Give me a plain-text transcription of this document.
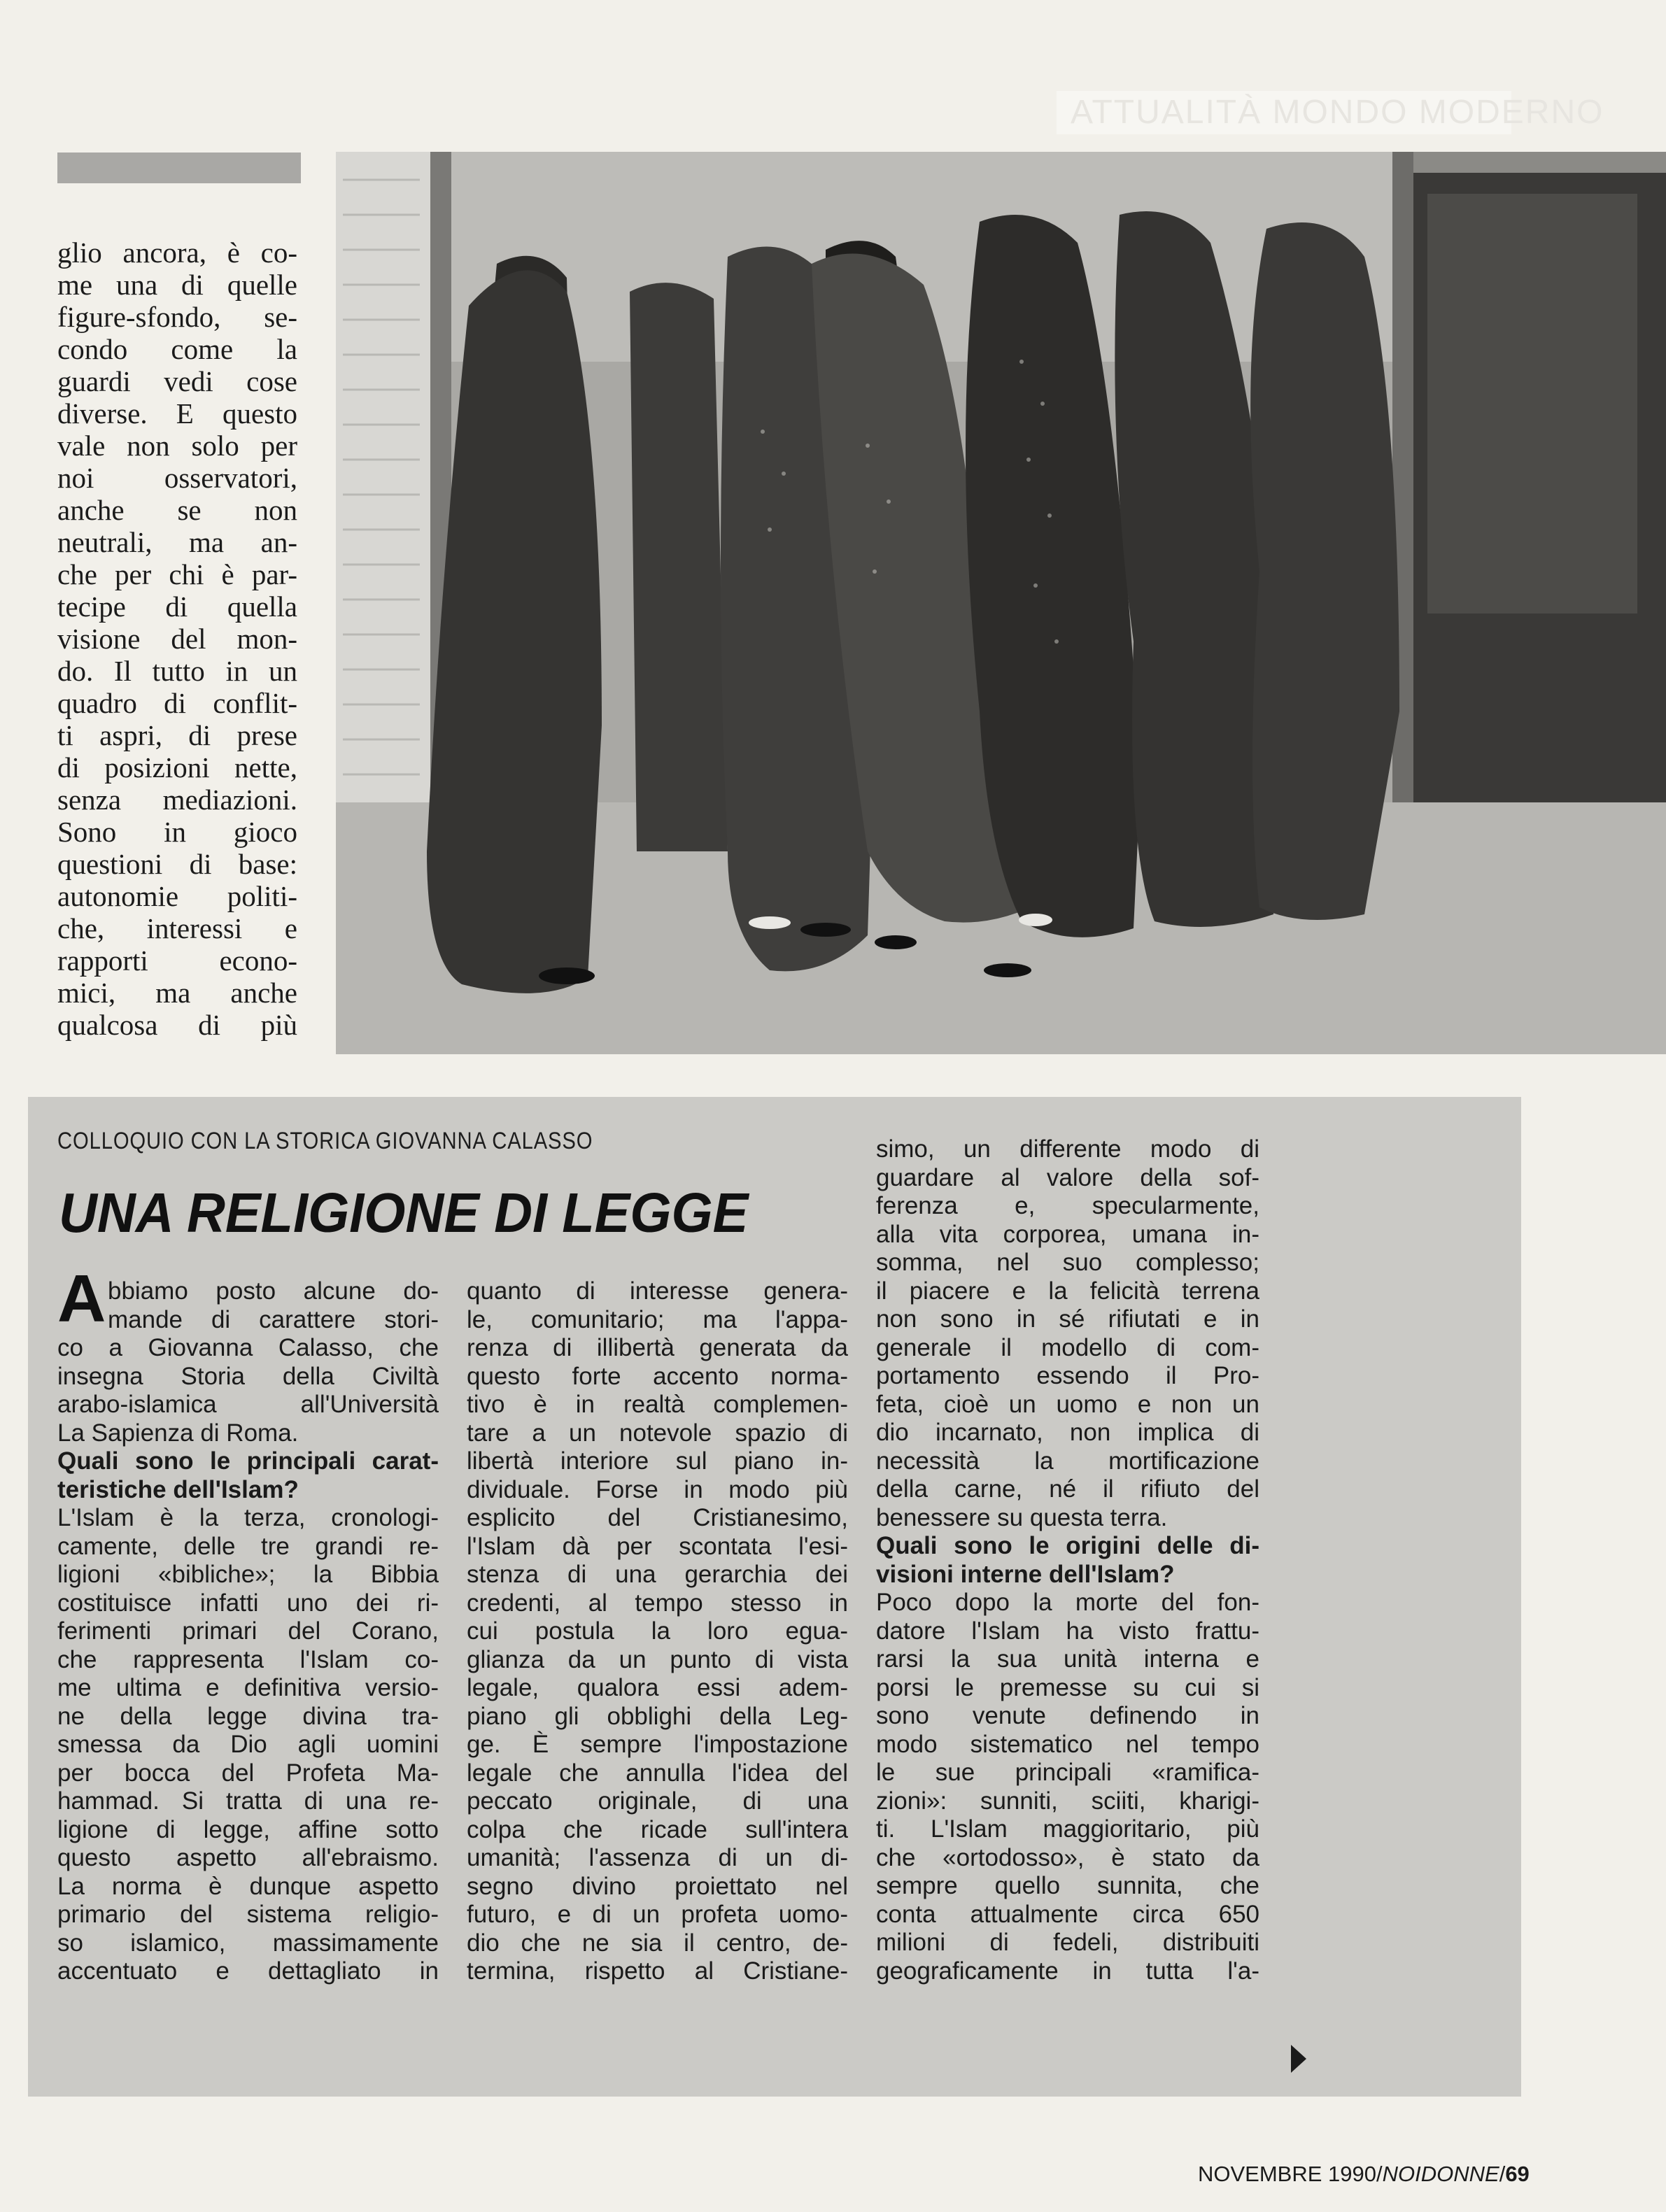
ATTUALITÀ MONDO MODERNO
glio ancora, è co-
me una di quelle
figure-sfondo, se-
condo come la
guardi vedi cose
diverse. E questo
vale non solo per
noi osservatori,
anche se non
neutrali, ma an-
che per chi è par-
tecipe di quella
visione del mon-
do. Il tutto in un
quadro di conflit-
ti aspri, di prese
di posizioni nette,
senza mediazioni.
Sono in gioco
questioni di base:
autonomie politi-
che, interessi e
rapporti econo-
mici, ma anche
qualcosa di più
COLLOQUIO CON LA STORICA GIOVANNA CALASSO
UNA RELIGIONE DI LEGGE
A bbiamo posto alcune do-
mande di carattere stori-
co a Giovanna Calasso, che
insegna Storia della Civiltà
arabo-islamica all'Università
La Sapienza di Roma.
Quali sono le principali carat-
teristiche dell'Islam?
L'Islam è la terza, cronologi-
camente, delle tre grandi re-
ligioni «bibliche»; la Bibbia
costituisce infatti uno dei ri-
ferimenti primari del Corano,
che rappresenta l'Islam co-
me ultima e definitiva versio-
ne della legge divina tra-
smessa da Dio agli uomini
per bocca del Profeta Ma-
hammad. Si tratta di una re-
ligione di legge, affine sotto
questo aspetto all'ebraismo.
La norma è dunque aspetto
primario del sistema religio-
so islamico, massimamente
accentuato e dettagliato in
quanto di interesse genera-
le, comunitario; ma l'appa-
renza di illibertà generata da
questo forte accento norma-
tivo è in realtà complemen-
tare a un notevole spazio di
libertà interiore sul piano in-
dividuale. Forse in modo più
esplicito del Cristianesimo,
l'Islam dà per scontata l'esi-
stenza di una gerarchia dei
credenti, al tempo stesso in
cui postula la loro egua-
glianza da un punto di vista
legale, qualora essi adem-
piano gli obblighi della Leg-
ge. È sempre l'impostazione
legale che annulla l'idea del
peccato originale, di una
colpa che ricade sull'intera
umanità; l'assenza di un di-
segno divino proiettato nel
futuro, e di un profeta uomo-
dio che ne sia il centro, de-
termina, rispetto al Cristiane-
simo, un differente modo di
guardare al valore della sof-
ferenza e, specularmente,
alla vita corporea, umana in-
somma, nel suo complesso;
il piacere e la felicità terrena
non sono in sé rifiutati e in
generale il modello di com-
portamento essendo il Pro-
feta, cioè un uomo e non un
dio incarnato, non implica di
necessità la mortificazione
della carne, né il rifiuto del
benessere su questa terra.
Quali sono le origini delle di-
visioni interne dell'Islam?
Poco dopo la morte del fon-
datore l'Islam ha visto frattu-
rarsi la sua unità interna e
porsi le premesse su cui si
sono venute definendo in
modo sistematico nel tempo
le sue principali «ramifica-
zioni»: sunniti, sciiti, kharigi-
ti. L'Islam maggioritario, più
che «ortodosso», è stato da
sempre quello sunnita, che
conta attualmente circa 650
milioni di fedeli, distribuiti
geograficamente in tutta l'a-
NOVEMBRE 1990/NOIDONNE/69
